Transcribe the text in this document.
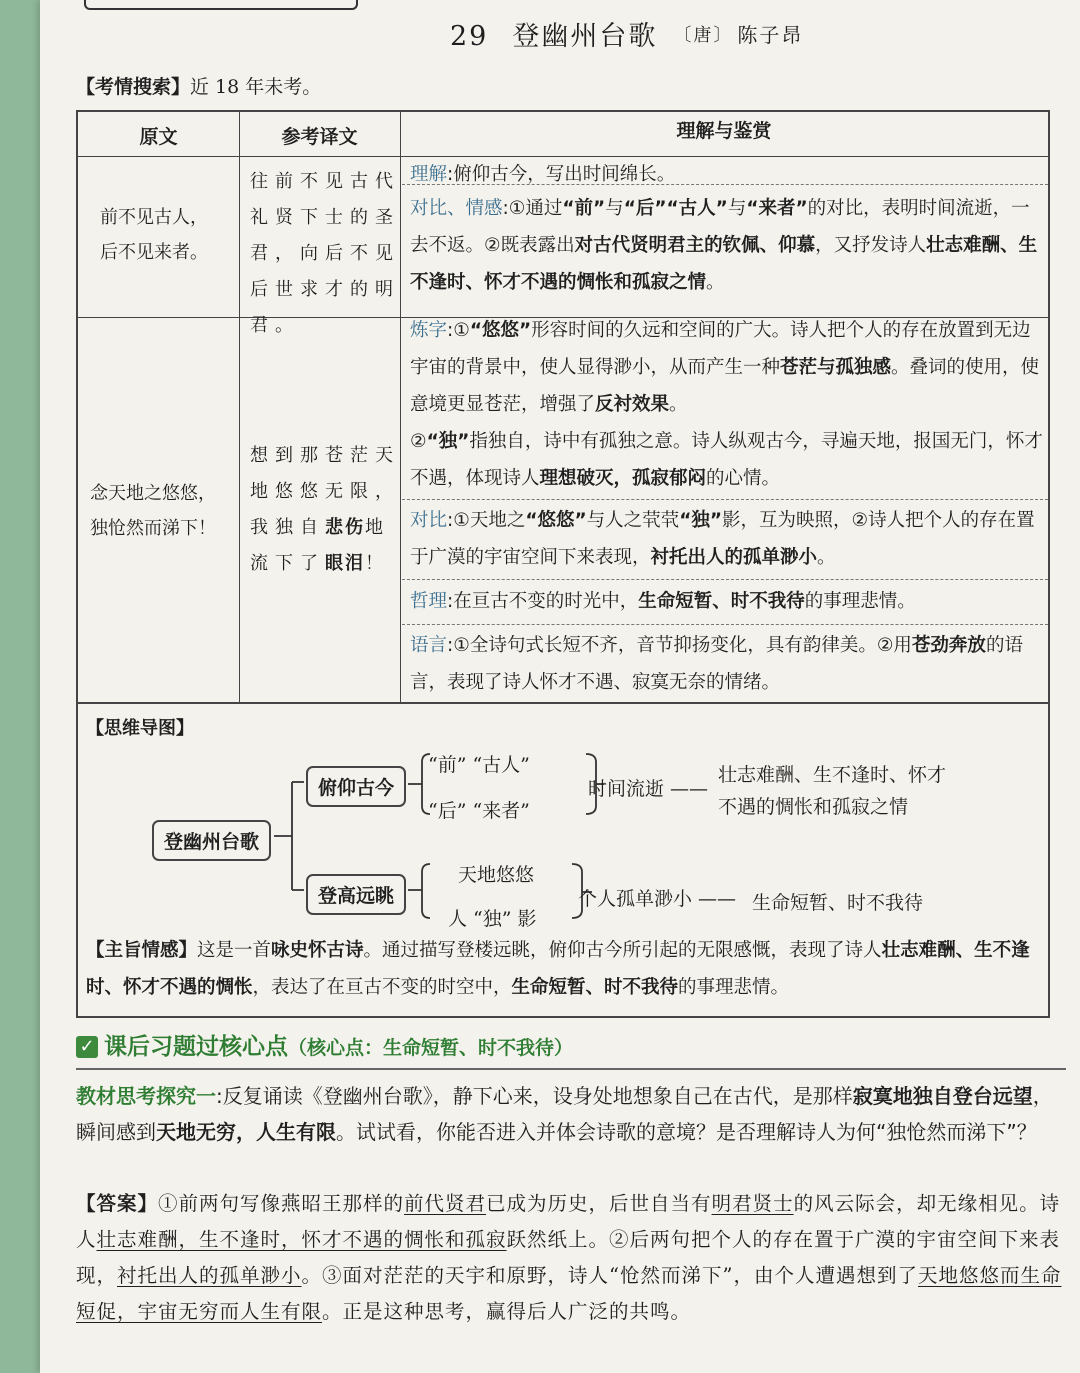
29 登幽州台歌 〔唐〕 陈子昂
【考情搜索】近 18 年未考。
原文	参考译文	理解与鉴赏
前不见古人，
后不见来者。
往前不见古代礼贤下士的圣君，向后不见后世求才的明君。
理解:俯仰古今，写出时间绵长。
对比、情感:①通过“前”与“后”“古人”与“来者”的对比，表明时间流逝，一去不返。②既表露出对古代贤明君主的钦佩、仰慕，又抒发诗人壮志难酬、生不逢时、怀才不遇的惆怅和孤寂之情。
念天地之悠悠，
独怆然而涕下！
想到那苍茫天地悠悠无限，我独自悲伤地流下了眼泪！
炼字:①“悠悠”形容时间的久远和空间的广大。诗人把个人的存在放置到无边宇宙的背景中，使人显得渺小，从而产生一种苍茫与孤独感。叠词的使用，使意境更显苍茫，增强了反衬效果。
②“独”指独自，诗中有孤独之意。诗人纵观古今，寻遍天地，报国无门，怀才不遇，体现诗人理想破灭，孤寂郁闷的心情。
对比:①天地之“悠悠”与人之茕茕“独”影，互为映照，②诗人把个人的存在置于广漠的宇宙空间下来表现，衬托出人的孤单渺小。
哲理:在亘古不变的时光中，生命短暂、时不我待的事理悲情。
语言:①全诗句式长短不齐，音节抑扬变化，具有韵律美。②用苍劲奔放的语言，表现了诗人怀才不遇、寂寞无奈的情绪。
【思维导图】
登幽州台歌
俯仰古今
登高远眺
“前” “古人”
“后” “来者”
时间流逝 ——
壮志难酬、生不逢时、怀才
不遇的惆怅和孤寂之情
天地悠悠
人 “独” 影
个人孤单渺小 —— 生命短暂、时不我待
【主旨情感】这是一首咏史怀古诗。通过描写登楼远眺，俯仰古今所引起的无限感慨，表现了诗人壮志难酬、生不逢时、怀才不遇的惆怅，表达了在亘古不变的时空中，生命短暂、时不我待的事理悲情。
✓ 课后习题过核心点（核心点：生命短暂、时不我待）
教材思考探究一:反复诵读《登幽州台歌》，静下心来，设身处地想象自己在古代，是那样寂寞地独自登台远望，瞬间感到天地无穷，人生有限。试试看，你能否进入并体会诗歌的意境？是否理解诗人为何“独怆然而涕下”？
【答案】①前两句写像燕昭王那样的前代贤君已成为历史，后世自当有明君贤士的风云际会，却无缘相见。诗人壮志难酬，生不逢时，怀才不遇的惆怅和孤寂跃然纸上。②后两句把个人的存在置于广漠的宇宙空间下来表现，衬托出人的孤单渺小。③面对茫茫的天宇和原野，诗人“怆然而涕下”，由个人遭遇想到了天地悠悠而生命短促，宇宙无穷而人生有限。正是这种思考，赢得后人广泛的共鸣。
